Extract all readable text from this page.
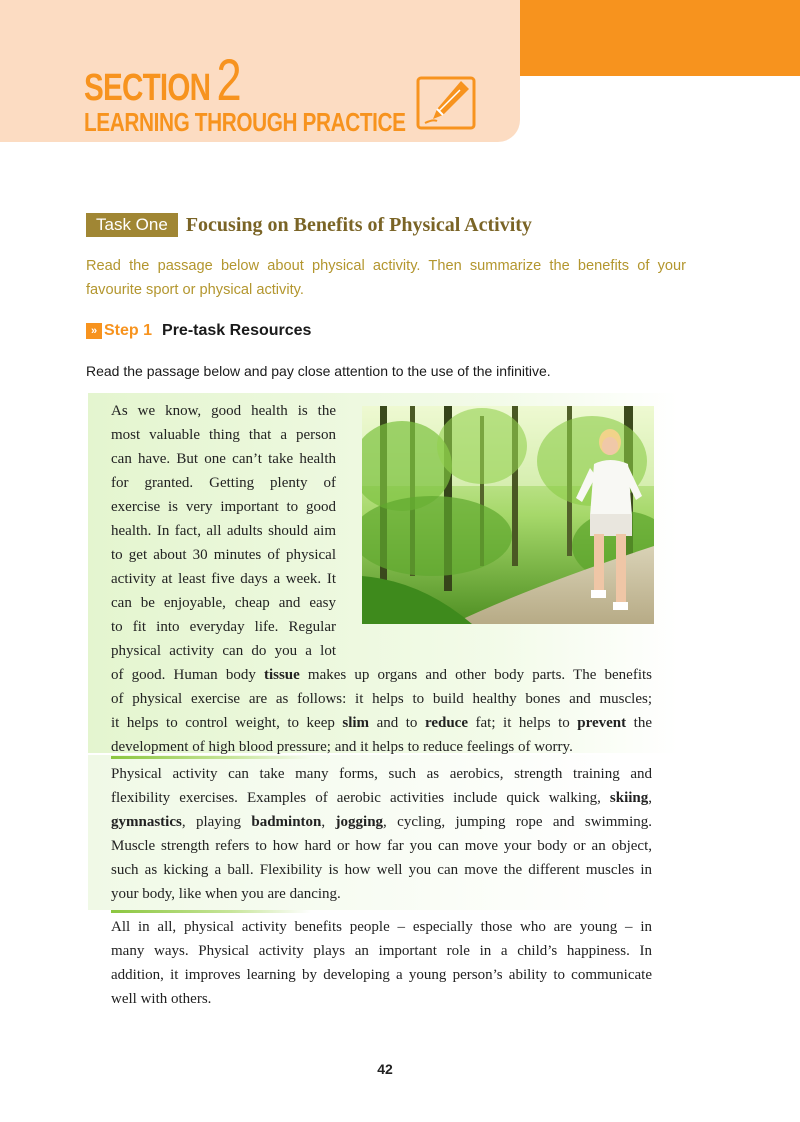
SECTION 2
LEARNING THROUGH PRACTICE
Task One Focusing on Benefits of Physical Activity
Read the passage below about physical activity. Then summarize the benefits of your
favourite sport or physical activity.
» Step 1 Pre-task Resources
Read the passage below and pay close attention to the use of the infinitive.
As we know, good health is the
most valuable thing that a person
can have. But one can’t take health
for granted. Getting plenty of
exercise is very important to good
health. In fact, all adults should aim
to get about 30 minutes of physical
activity at least five days a week. It
can be enjoyable, cheap and easy
to fit into everyday life. Regular
physical activity can do you a lot
of good. Human body tissue makes up organs and other body parts. The benefits
of physical exercise are as follows: it helps to build healthy bones and muscles;
it helps to control weight, to keep slim and to reduce fat; it helps to prevent the
development of high blood pressure; and it helps to reduce feelings of worry.
Physical activity can take many forms, such as aerobics, strength training and
flexibility exercises. Examples of aerobic activities include quick walking, skiing,
gymnastics, playing badminton, jogging, cycling, jumping rope and swimming.
Muscle strength refers to how hard or how far you can move your body or an object,
such as kicking a ball. Flexibility is how well you can move the different muscles in
your body, like when you are dancing.
All in all, physical activity benefits people – especially those who are young – in
many ways. Physical activity plays an important role in a child’s happiness. In
addition, it improves learning by developing a young person’s ability to communicate
well with others.
42
